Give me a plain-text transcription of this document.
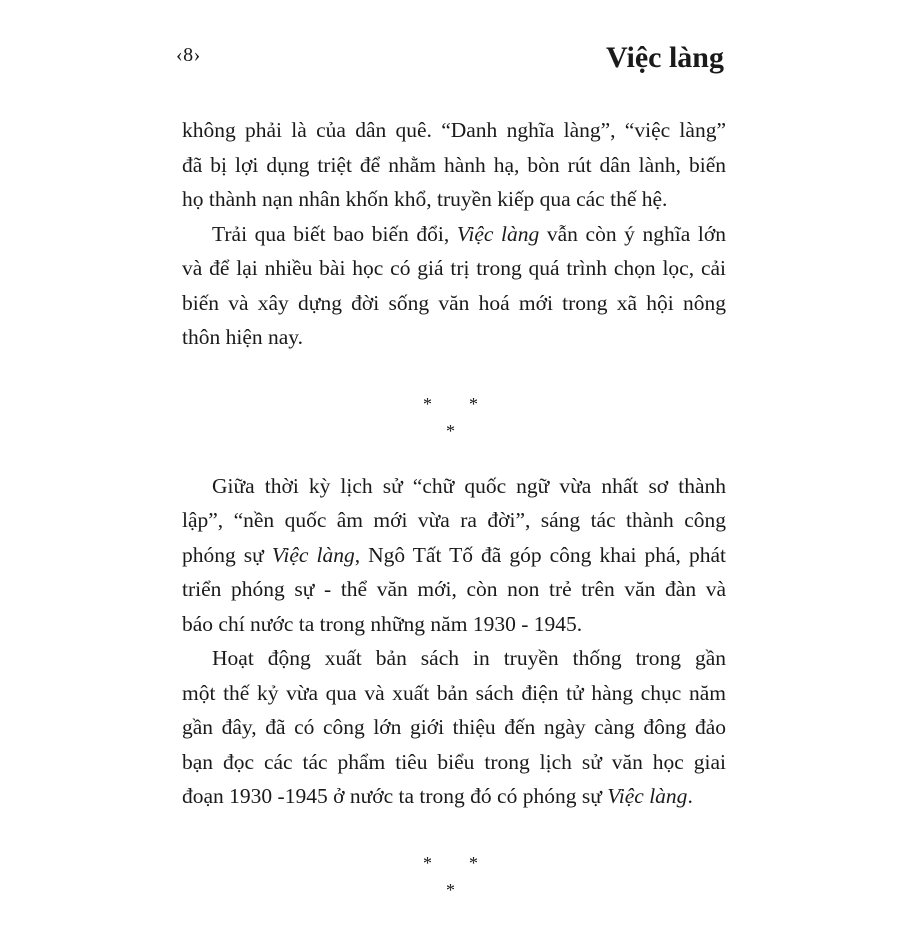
‹8›	Việc làng
không phải là của dân quê. “Danh nghĩa làng”, “việc làng”
đã bị lợi dụng triệt để nhằm hành hạ, bòn rút dân lành, biến
họ thành nạn nhân khốn khổ, truyền kiếp qua các thế hệ.
Trải qua biết bao biến đổi, Việc làng vẫn còn ý nghĩa lớn
và để lại nhiều bài học có giá trị trong quá trình chọn lọc, cải
biến và xây dựng đời sống văn hoá mới trong xã hội nông
thôn hiện nay.
* *
*
Giữa thời kỳ lịch sử “chữ quốc ngữ vừa nhất sơ thành
lập”, “nền quốc âm mới vừa ra đời”, sáng tác thành công
phóng sự Việc làng, Ngô Tất Tố đã góp công khai phá, phát
triển phóng sự - thể văn mới, còn non trẻ trên văn đàn và
báo chí nước ta trong những năm 1930 - 1945.
Hoạt động xuất bản sách in truyền thống trong gần
một thế kỷ vừa qua và xuất bản sách điện tử hàng chục năm
gần đây, đã có công lớn giới thiệu đến ngày càng đông đảo
bạn đọc các tác phẩm tiêu biểu trong lịch sử văn học giai
đoạn 1930 -1945 ở nước ta trong đó có phóng sự Việc làng.
* *
*
